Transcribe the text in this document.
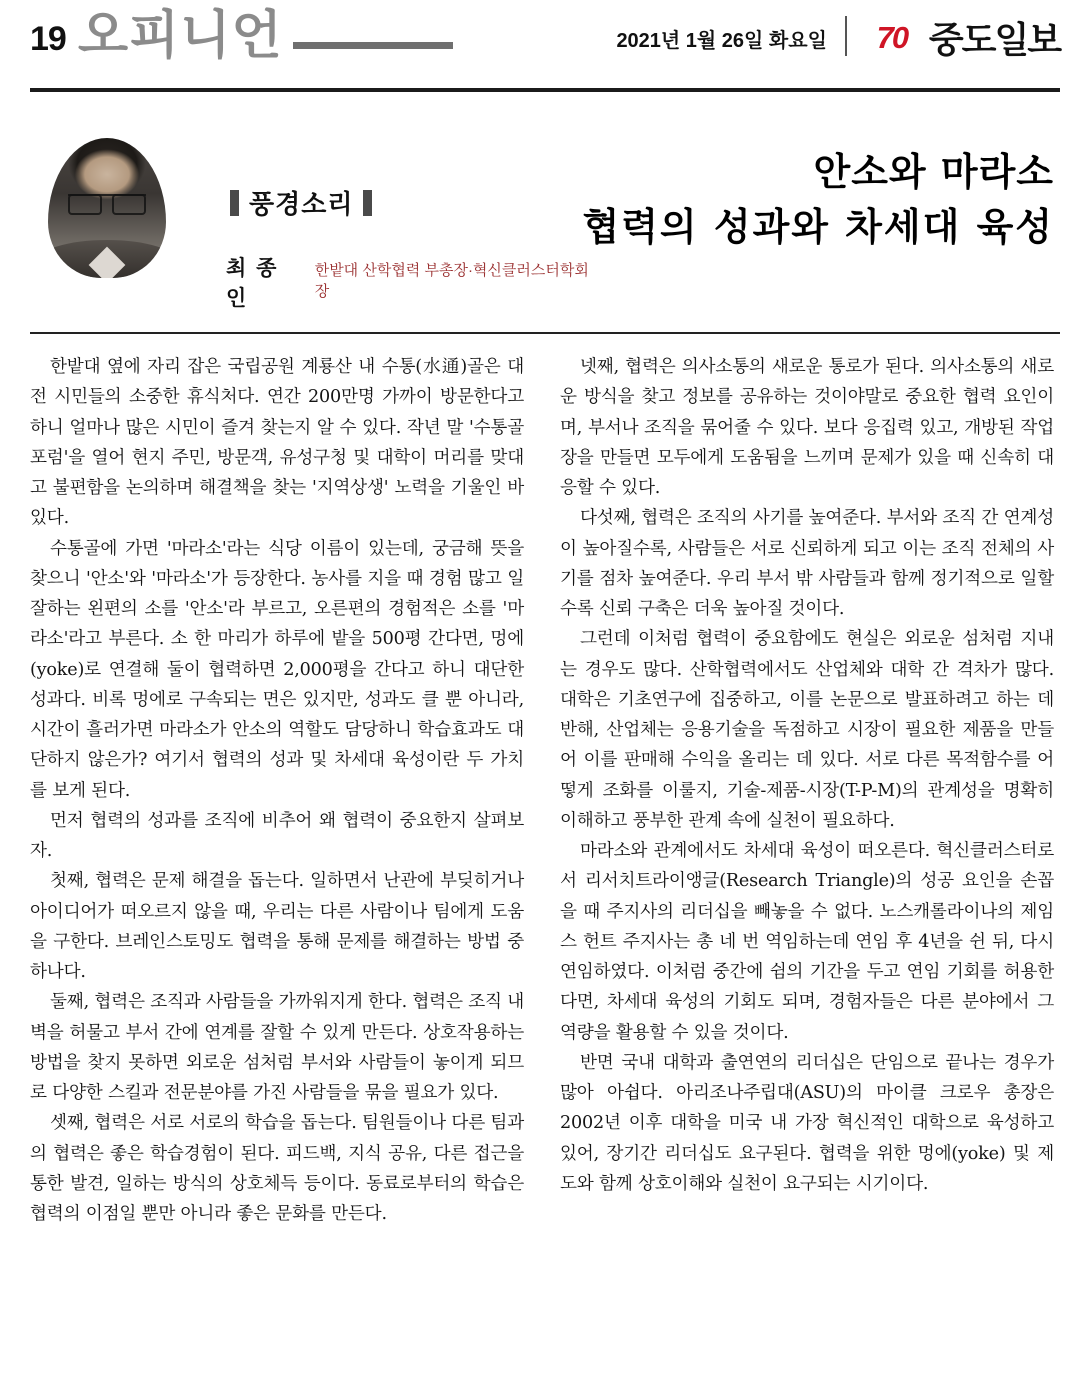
19 오피니언	2021년 1월 26일 화요일	70 중도일보
풍경소리
최 종 인
한밭대 산학협력 부총장·혁신클러스터학회장
안소와 마라소
협력의 성과와 차세대 육성

한밭대 옆에 자리 잡은 국립공원 계룡산 내 수통(水通)골은 대전 시민들의 소중한 휴식처다. 연간 200만명 가까이 방문한다고 하니 얼마나 많은 시민이 즐겨 찾는지 알 수 있다. 작년 말 '수통골포럼'을 열어 현지 주민, 방문객, 유성구청 및 대학이 머리를 맞대고 불편함을 논의하며 해결책을 찾는 '지역상생' 노력을 기울인 바 있다.

수통골에 가면 '마라소'라는 식당 이름이 있는데, 궁금해 뜻을 찾으니 '안소'와 '마라소'가 등장한다. 농사를 지을 때 경험 많고 일 잘하는 왼편의 소를 '안소'라 부르고, 오른편의 경험적은 소를 '마라소'라고 부른다. 소 한 마리가 하루에 밭을 500평 간다면, 멍에(yoke)로 연결해 둘이 협력하면 2,000평을 간다고 하니 대단한 성과다. 비록 멍에로 구속되는 면은 있지만, 성과도 클 뿐 아니라, 시간이 흘러가면 마라소가 안소의 역할도 담당하니 학습효과도 대단하지 않은가? 여기서 협력의 성과 및 차세대 육성이란 두 가치를 보게 된다.

먼저 협력의 성과를 조직에 비추어 왜 협력이 중요한지 살펴보자.

첫째, 협력은 문제 해결을 돕는다. 일하면서 난관에 부딪히거나 아이디어가 떠오르지 않을 때, 우리는 다른 사람이나 팀에게 도움을 구한다. 브레인스토밍도 협력을 통해 문제를 해결하는 방법 중 하나다.

둘째, 협력은 조직과 사람들을 가까워지게 한다. 협력은 조직 내 벽을 허물고 부서 간에 연계를 잘할 수 있게 만든다. 상호작용하는 방법을 찾지 못하면 외로운 섬처럼 부서와 사람들이 놓이게 되므로 다양한 스킬과 전문분야를 가진 사람들을 묶을 필요가 있다.

셋째, 협력은 서로 서로의 학습을 돕는다. 팀원들이나 다른 팀과의 협력은 좋은 학습경험이 된다. 피드백, 지식 공유, 다른 접근을 통한 발견, 일하는 방식의 상호체득 등이다. 동료로부터의 학습은 협력의 이점일 뿐만 아니라 좋은 문화를 만든다.

넷째, 협력은 의사소통의 새로운 통로가 된다. 의사소통의 새로운 방식을 찾고 정보를 공유하는 것이야말로 중요한 협력 요인이며, 부서나 조직을 묶어줄 수 있다. 보다 응집력 있고, 개방된 작업장을 만들면 모두에게 도움됨을 느끼며 문제가 있을 때 신속히 대응할 수 있다.

다섯째, 협력은 조직의 사기를 높여준다. 부서와 조직 간 연계성이 높아질수록, 사람들은 서로 신뢰하게 되고 이는 조직 전체의 사기를 점차 높여준다. 우리 부서 밖 사람들과 함께 정기적으로 일할수록 신뢰 구축은 더욱 높아질 것이다.

그런데 이처럼 협력이 중요함에도 현실은 외로운 섬처럼 지내는 경우도 많다. 산학협력에서도 산업체와 대학 간 격차가 많다. 대학은 기초연구에 집중하고, 이를 논문으로 발표하려고 하는 데 반해, 산업체는 응용기술을 독점하고 시장이 필요한 제품을 만들어 이를 판매해 수익을 올리는 데 있다. 서로 다른 목적함수를 어떻게 조화를 이룰지, 기술-제품-시장(T-P-M)의 관계성을 명확히 이해하고 풍부한 관계 속에 실천이 필요하다.

마라소와 관계에서도 차세대 육성이 떠오른다. 혁신클러스터로서 리서치트라이앵글(Research Triangle)의 성공 요인을 손꼽을 때 주지사의 리더십을 빼놓을 수 없다. 노스캐롤라이나의 제임스 헌트 주지사는 총 네 번 역임하는데 연임 후 4년을 쉰 뒤, 다시 연임하였다. 이처럼 중간에 쉼의 기간을 두고 연임 기회를 허용한다면, 차세대 육성의 기회도 되며, 경험자들은 다른 분야에서 그 역량을 활용할 수 있을 것이다.

반면 국내 대학과 출연연의 리더십은 단임으로 끝나는 경우가 많아 아쉽다. 아리조나주립대(ASU)의 마이클 크로우 총장은 2002년 이후 대학을 미국 내 가장 혁신적인 대학으로 육성하고 있어, 장기간 리더십도 요구된다. 협력을 위한 멍에(yoke) 및 제도와 함께 상호이해와 실천이 요구되는 시기이다.
